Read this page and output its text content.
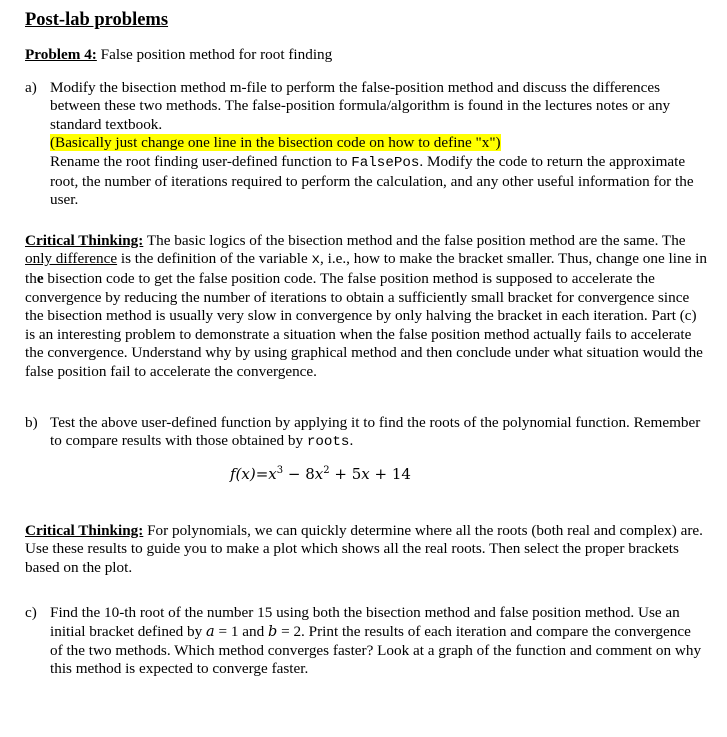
Post-lab problems

Problem 4: False position method for root finding

a) Modify the bisection method m-file to perform the false-position method and discuss the differences between these two methods. The false-position formula/algorithm is found in the lectures notes or any standard textbook.

(Basically just change one line in the bisection code on how to define "x")

Rename the root finding user-defined function to FalsePos. Modify the code to return the approximate root, the number of iterations required to perform the calculation, and any other useful information for the user.

Critical Thinking: The basic logics of the bisection method and the false position method are the same. The only difference is the definition of the variable x, i.e., how to make the bracket smaller. Thus, change one line in the bisection code to get the false position code. The false position method is supposed to accelerate the convergence by reducing the number of iterations to obtain a sufficiently small bracket for convergence since the bisection method is usually very slow in convergence by only halving the bracket in each iteration. Part (c) is an interesting problem to demonstrate a situation when the false position method actually fails to accelerate the convergence. Understand why by using graphical method and then conclude under what situation would the false position fail to accelerate the convergence.

b) Test the above user-defined function by applying it to find the roots of the polynomial function. Remember to compare results with those obtained by roots.

$f(x)=x^3 - 8x^2 + 5x + 14$

Critical Thinking: For polynomials, we can quickly determine where all the roots (both real and complex) are. Use these results to guide you to make a plot which shows all the real roots. Then select the proper brackets based on the plot.

c) Find the 10-th root of the number 15 using both the bisection method and false position method. Use an initial bracket defined by a = 1 and b = 2. Print the results of each iteration and compare the convergence of the two methods. Which method converges faster? Look at a graph of the function and comment on why this method is expected to converge faster.
